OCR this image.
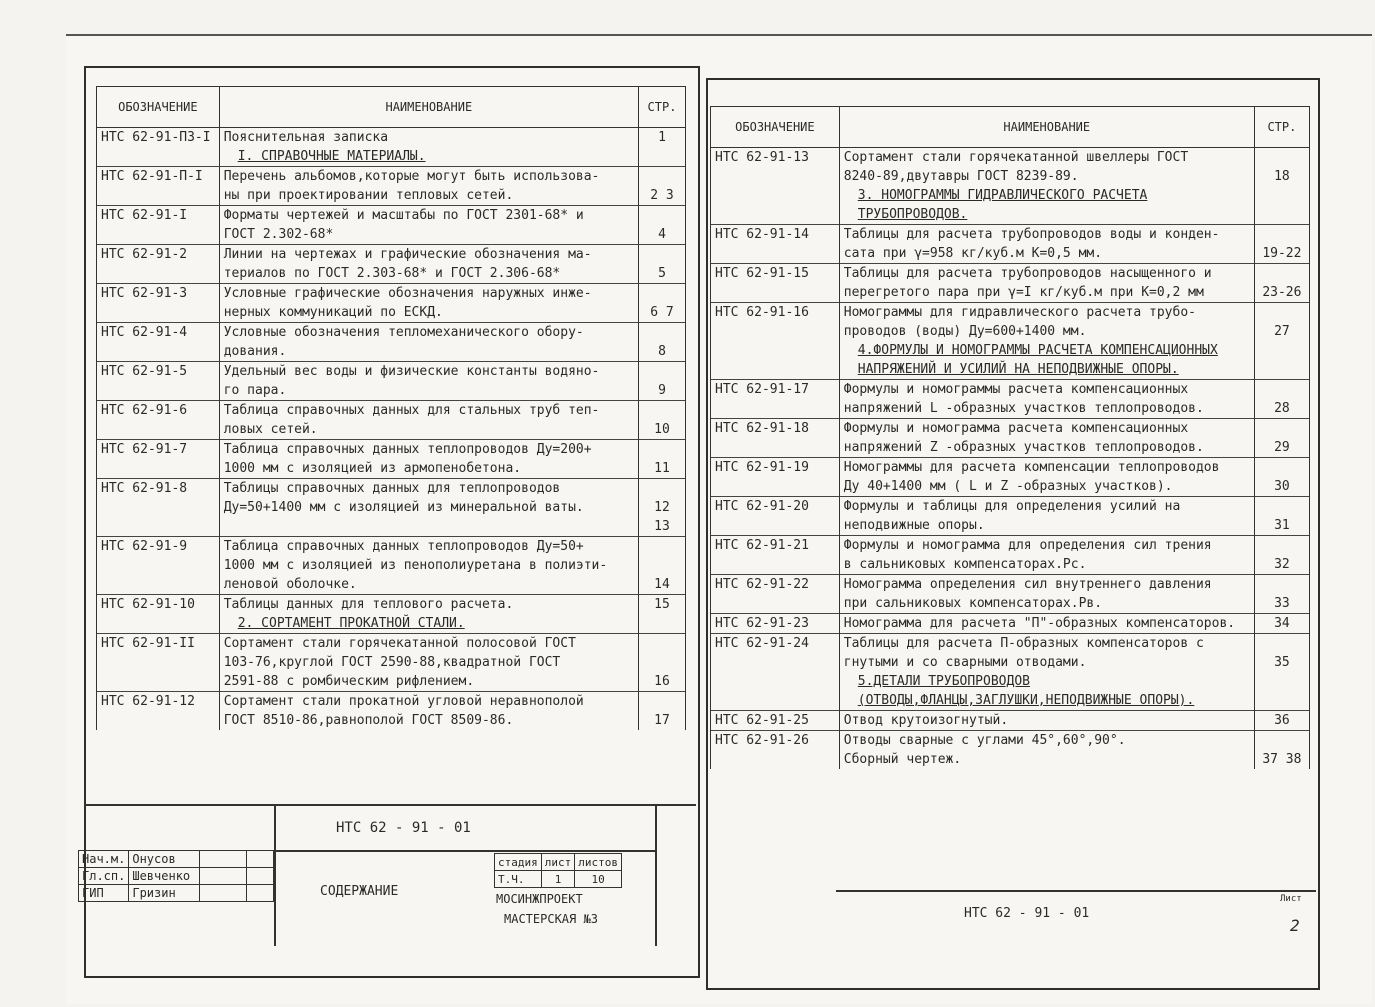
ОБОЗНАЧЕНИЕ	НАИМЕНОВАНИЕ	СТР.
НТС 62-91-ПЗ-I	Пояснительная записка	1
	I. СПРАВОЧНЫЕ МАТЕРИАЛЫ.	
НТС 62-91-П-I	Перечень альбомов,которые могут быть использова-	
	ны при проектировании тепловых сетей.	2 3
НТС 62-91-I	Форматы чертежей и масштабы по ГОСТ 2301-68* и	
	ГОСТ 2.302-68*	4
НТС 62-91-2	Линии на чертежах и графические обозначения ма-	
	териалов по ГОСТ 2.303-68* и ГОСТ 2.306-68*	5
НТС 62-91-3	Условные графические обозначения наружных инже-	
	нерных коммуникаций по ЕСКД.	6 7
НТС 62-91-4	Условные обозначения тепломеханического обору-	
	дования.	8
НТС 62-91-5	Удельный вес воды и физические константы водяно-	
	го пара.	9
НТС 62-91-6	Таблица справочных данных для стальных труб теп-	
	ловых сетей.	10
НТС 62-91-7	Таблица справочных данных теплопроводов Ду=200+	
	1000 мм с изоляцией из армопенобетона.	11
НТС 62-91-8	Таблицы справочных данных для теплопроводов	
	Ду=50+1400 мм с изоляцией из минеральной ваты.	12 13
НТС 62-91-9	Таблица справочных данных теплопроводов Ду=50+	
	1000 мм с изоляцией из пенополиуретана в полиэти-	
	леновой оболочке.	14
НТС 62-91-10	Таблицы данных для теплового расчета.	15
	2. СОРТАМЕНТ ПРОКАТНОЙ СТАЛИ.	
НТС 62-91-II	Сортамент стали горячекатанной полосовой ГОСТ	
	103-76,круглой ГОСТ 2590-88,квадратной ГОСТ	
	2591-88 с ромбическим рифлением.	16
НТС 62-91-12	Сортамент стали прокатной угловой неравнополой	
	ГОСТ 8510-86,равнополой ГОСТ 8509-86.	17
ОБОЗНАЧЕНИЕ	НАИМЕНОВАНИЕ	СТР.
НТС 62-91-13	Сортамент стали горячекатанной швеллеры ГОСТ	
	8240-89,двутавры ГОСТ 8239-89.	18
	3. НОМОГРАММЫ ГИДРАВЛИЧЕСКОГО РАСЧЕТА ТРУБОПРОВОДОВ.	
НТС 62-91-14	Таблицы для расчета трубопроводов воды и конден-	
	сата при γ=958 кг/куб.м K=0,5 мм.	19-22
НТС 62-91-15	Таблицы для расчета трубопроводов насыщенного и	
	перегретого пара при γ=I кг/куб.м при K=0,2 мм	23-26
НТС 62-91-16	Номограммы для гидравлического расчета трубо-	
	проводов (воды) Ду=600+1400 мм.	27
	4.ФОРМУЛЫ И НОМОГРАММЫ РАСЧЕТА КОМПЕНСАЦИОННЫХ НАПРЯЖЕНИЙ И УСИЛИЙ НА НЕПОДВИЖНЫЕ ОПОРЫ.	
НТС 62-91-17	Формулы и номограммы расчета компенсационных	
	напряжений L -образных участков теплопроводов.	28
НТС 62-91-18	Формулы и номограмма расчета компенсационных	
	напряжений Z -образных участков теплопроводов.	29
НТС 62-91-19	Номограммы для расчета компенсации теплопроводов	
	Ду 40+1400 мм ( L и Z -образных участков).	30
НТС 62-91-20	Формулы и таблицы для определения усилий на	
	неподвижные опоры.	31
НТС 62-91-21	Формулы и номограмма для определения сил трения	
	в сальниковых компенсаторах.Рс.	32
НТС 62-91-22	Номограмма определения сил внутреннего давления	
	при сальниковых компенсаторах.Рв.	33
НТС 62-91-23	Номограмма для расчета "П"-образных компенсаторов.	34
НТС 62-91-24	Таблицы для расчета П-образных компенсаторов с	
	гнутыми и со сварными отводами.	35
	5.ДЕТАЛИ ТРУБОПРОВОДОВ (ОТВОДЫ,ФЛАНЦЫ,ЗАГЛУШКИ,НЕПОДВИЖНЫЕ ОПОРЫ).	
НТС 62-91-25	Отвод крутоизогнутый.	36
НТС 62-91-26	Отводы сварные с углами 45°,60°,90°.	
	Сборный чертеж.	37 38
НТС 62 - 91 - 01
Нач.м.	Онусов		
Гл.сп.	Шевченко		
ГИП	Гризин			СОДЕРЖАНИЕ
стадия	лист	листов
Т.Ч.	1	10
МОСИНЖПРОЕКТ
МАСТЕРСКАЯ №3	НТС 62 - 91 - 01
Лист
2
